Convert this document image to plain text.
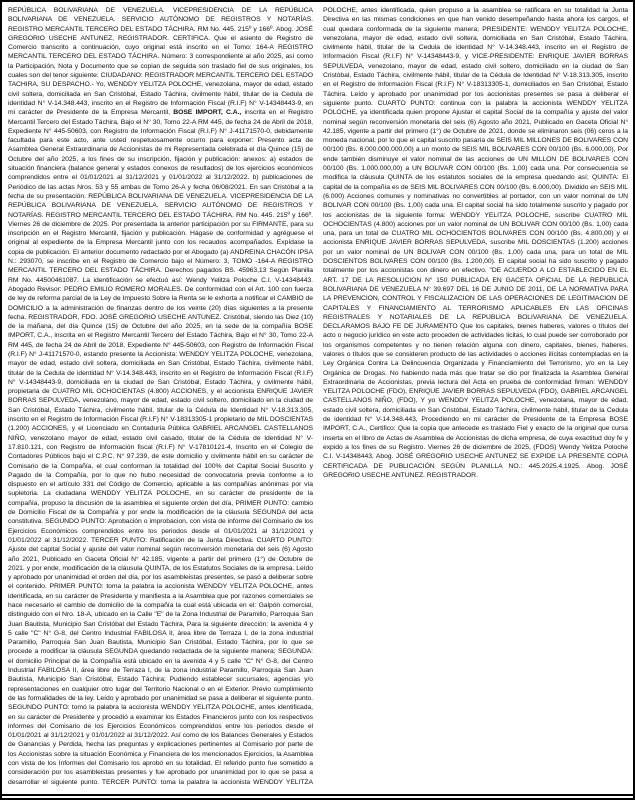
REPÚBLICA BOLIVARIANA DE VENEZUELA. VICEPRESIDENCIA DE LA REPÚBLICA BOLIVARIANA DE VENEZUELA. SERVICIO AUTÓNOMO DE REGISTROS Y NOTARÍAS. REGISTRO MERCANTIL TERCERO DEL ESTADO TÁCHIRA. RM No. 445. 215º y 166º. Abog. JOSÉ GREGORIO USECHE ANTUNEZ, REGISTRADOR. CERTIFICA. Que el asiento de Registro de Comercio transcrito a continuación, cuyo original está inscrito en el Tomo: 164-A REGISTRO MERCANTIL TERCERO DEL ESTADO TÁCHIRA. Número: 3 correspondiente al año 2025, así como la Participación, Nota y Documento que se copian de seguida son traslado fiel de sus originales, los cuales son del tenor siguiente: CIUDADANO: REGISTRADOR MERCANTIL TERCERO DEL ESTADO TACHIRA, SU DESPACHO.- Yo, WENDDY YELITZA POLOCHE, venezolana, mayor de edad, estado civil soltera, domiciliada en San Cristóbal, Estado Táchira, civilmente hábil, titular de la Cedula de identidad N° V-14.348.443, inscrito en el Registro de Información Fiscal (R.I.F) N° V-14348443-9, en mi carácter de Presidente de la Empresa Mercantil, BOSE IMPORT, C.A., inscrita en el Registro Mercantil Tercero del Estado Táchira, Bajo el N° 30, Tomo 22-A RM 445, de fecha 24 de Abril de 2018, Expediente N° 445-50603, con Registro de Información Fiscal (R.I.F) N° J-41171570-0, debidamente facultada para este acto, ante usted respetuosamente ocurro para exponer: Presento acta de Asamblea General Extraordinaria de Accionistas de mi Representada celebrada el día Quince (15) de Octubre del año 2025, a los fines de su inscripción, fijación y publicación: anexos: a) estados de situación financiera (balance general y estados conexos de resultados) de los ejercicios económicos comprendidos entre el 01/01/2021 al 31/12/2021 y 01/01/2022 al 31/12/2022. b) publicaciones de Periódico de las actas Nros. 53 y 55 ambas de Tomo 26-A y fecha 06/08/2021. En san Cristóbal a la fecha de su presentación. REPÚBLICA BOLIVARIANA DE VENEZUELA. VICEPRESIDENCIA DE LA REPÚBLICA BOLIVARIANA DE VENEZUELA. SERVICIO AUTÓNOMO DE REGISTROS Y NOTARÍAS. REGISTRO MERCANTIL TERCERO DEL ESTADO TÁCHIRA. RM No. 445. 215º y 166º. Viernes 26 de diciembre de 2025. Por presentada la anterior participación por su FIRMANTE, para su inscripción en el Registro Mercantil, fijación y publicación. Hágase de conformidad y agréguese el original al expediente de la Empresa Mercantil junto con los recaudos acompañados. Expídase la copia de publicación. El anterior documento redactado por el Abogado (a) ANDREINA CHACÓN IPSA N.: 293070, se inscribe en el Registro de Comercio bajo el Número: 3, TOMO -164-A REGISTRO MERCANTIL TERCERO DEL ESTADO TÁCHIRA. Derechos pagados BS. 45963,13 Según Planilla RM No. 44500461087. La identificación se efectuó así: Wendy Yelitza Poloche C.I. V-14348443. Abogado Revisor: PEDRO EMILIO ROMERO MORALES. De conformidad con el Art. 100 con fuerza de ley de reforma parcial de la Ley de Impuesto Sobre la Renta se le exhorta a notificar el CAMBIO de DOMICILIO a la administración de finanzas dentro de los veinte (20) días siguientes a la presente fecha. REGISTRADOR, FDO. JOSÉ GREGORIO USECHE ANTUNEZ. Cristóbal, siendo las Diez (10) de la mañana, del día Quince (15) de Octubre del año 2025, en la sede de la compañía BOSE IMPORT, C.A., inscrita en el Registro Mercantil Tercero del Estado Táchira, Bajo el N° 30, Tomo 22-A RM 445, de fecha 24 de Abril de 2018, Expediente N° 445-50603, con Registro de Información Fiscal (R.I.F) N° J-41171570-0, estando presente la Accionista: WENDDY YELITZA POLOCHE, venezolana, mayor de edad, estado civil soltera, domiciliada en San Cristóbal, Estado Táchira, civilmente hábil, titular de la Cedula de identidad N° V-14.348.443, inscrito en el Registro de Información Fiscal (R.I.F) N° V-14348443-9, domiciliada en la ciudad de San Cristóbal, Estado Táchira, y civilmente hábil, propietaria de CUATRO MIL OCHOCIENTAS (4.800) ACCIONES, y el accionista ENRIQUE JAVIER BORRAS SEPULVEDA, venezolano, mayor de edad, estado civil soltero, domiciliado en la ciudad de San Cristóbal, Estado Táchira, civilmente hábil, titular de la Cédula de Identidad N° V-18.313.305, inscrito en el Registro de Información Fiscal (R.I.F) N° V-18313305-1 propietario de MIL DOSCIENTAS (1.200) ACCIONES, y el Licenciado en Contaduría Pública GABRIEL ARCANGEL CASTELLANOS NIÑO, venezolano mayor de edad, estado civil casado, titular de la Cédula de Identidad N° V-17.810.121, con Registro de Información fiscal (R.I.F) N° V-17810121-4, Inscrito en el Colegio de Contadores Públicos bajo el C.P.C. N° 97.239, de este domicilio y civilmente hábil en su carácter de Comisario de la Compañía, el cual conforman la totalidad del 100% del Capital Social Suscrito y Pagado de la Compañía, por lo que no hubo necesidad de convocatoria previa conforme a lo dispuesto en el artículo 331 del Código de Comercio, aplicable a las compañías anónimas por vía supletoria. La ciudadana WENDDY YELITZA POLOCHE, en su carácter de presidente de la compañía, propuso la discusión de la asamblea el siguiente orden del día, PRIMER PUNTO: cambio de Domicilio Fiscal de la Compañía y por ende la modificación de la cláusula SEGUNDA del acta constitutiva. SEGUNDO PUNTO: Aprobación o improbacion, con vista de informe del Comisario de los Ejercicios Económicos comprendidos entre los periodos desde el 01/01/2021 al 31/12/2021 y 01/01/2022 al 31/12/2022. TERCER PUNTO: Ratificación de la Junta Directiva. CUARTO PUNTO: Ajuste del capital Social y ajuste del valor nominal según reconversión monetaria del seis (6) Agosto año 2021, Publicado en Gaceta Oficial N° 42.185, vigente a partir del primero (1°) de Octubre de 2021. y por ende, modificación de la cláusula QUINTA, de los Estatutos Sociales de la empresa. Leído y aprobado por unanimidad el orden del día, por los asambleistas presentes, se pasó a deliberar sobre el contenido. PRIMER PUNTO: toma la palabra la accionista WENDDY YELITZA POLOCHE, antes identificada, en su carácter de Presidente y manifiesta a la Asamblea que por razones comerciales se hace necesario el cambio de domicilio de la compañía la cual está ubicada en el: Galpón comercial, distinguido con el Nro. 18-A, ubicado en la Calle "E" de la Zona Industrial de Paramillo, Parroquia San Juan Bautista, Municipio San Cristóbal del Estado Táchira, Para la siguiente dirección: la avenida 4 y 5 calle "C" N° G-8, del Centro Industrial FABILOSA II, área libre de Terraza I, de la zona industrial Paramillo, Parroquia San Juan Bautista, Municipio San Cristóbal, Estado Táchira, por lo que se procede a modificar la cláusula SEGUNDA quedando redactada de la siguiente manera; SEGUNDA: el domicilio Principal de la Compañía está ubicado en la avenida 4 y 5 calle "C" N° G-8, del Centro Industrial FABILOSA II, área libre de Terraza I, de la zona industrial Paramillo, Parroquia San Juan Bautista, Municipio San Cristóbal, Estado Táchira; Pudiendo establecer sucursales, agencias y/o representaciones en cualquier otro lugar del Territorio Nacional o en el Exterior. Previo cumplimiento de las formalidades de la ley. Leído y aprobado por unanimidad se pasa a deliberar el siguiente punto. SEGUNDO PUNTO: tomó la palabra la accionista WENDDY YELITZA POLOCHE, antes identificada, en su carácter de Presidente y procedió a examinar los Estados Financieros junto con los respectivos informes del Comisario de los Ejercicios Económicos comprendidos entre los periodos desde el 01/01/2021 al 31/12/2021 y 01/01/2022 al 31/12/2022. Así como de los Balances Generales y Estados de Ganancias y Perdida, hecha las preguntas y explicaciones pertinentes al Comisario por parte de los Accionistas sobre la situación Económica y Financiera de los mencionados Ejercicios, la Asamblea con vista de los Informes del Comisario los aprobó en su totalidad. El referido punto fue sometido a consideración por los asambleistas presentes y fue aprobado por unanimidad por lo que se pasa a desarrollar el siguiente punto. TERCER PUNTO: toma la palabra la accionista WENDDY YELITZA POLOCHE, antes identificada, quien propuso a la asamblea se ratificara en su totalidad la Junta Directiva en las mismas condiciones en que han venido desempeñando hasta ahora los cargos, el cual quedara conformada de la siguiente manera; PRESIDENTE: WENDDY YELITZA POLOCHE, venezolana, mayor de edad, estado civil soltera, domiciliada en San Cristóbal, Estado Táchira, civilmente hábil, titular de la Cedula de identidad N° V-14.348.443, inscrito en el Registro de Información Fiscal (R.I.F) N° V-14348443-9, y VICE-PRESIDENTE: ENRIQUE JAVIER BORRAS SEPULVEDA, venezolano, mayor de edad, estado civil soltero, domiciliado en la ciudad de San Cristóbal, Estado Táchira, civilmente hábil, titular de la Cédula de Identidad N° V-18.313.305, inscrito en el Registro de Información Fiscal (R.I.F) N° V-18313305-1, domiciliados en San Cristóbal, Estado Táchira. Leído y aprobado por unanimidad por los accionistas presentes se pasa a deliberar el siguiente punto. CUARTO PUNTO: continua con la palabra la accionista WENDDY YELITZA POLOCHE, ya identificada quien propone Ajustar el capital Social de la compañía y ajuste del valor nominal según reconversión monetaria del seis (6) Agosto año 2021, Publicado en Gaceta Oficial N° 42.185, vigente a partir del primero (1°) de Octubre de 2021, donde se eliminaron seis (06) ceros a la moneda nacional, por lo que el capital suscrito pasaría de SEIS MIL MILLONES DE BOLIVARES CON 00/100 (Bs. 6.000.000.000,00) a un monto de SEIS MIL BOLIVARES CON 00/100 (Bs. 6.000,00), Por ende también disminuye el valor nominal de las acciones de UN MILLON DE BOLIVARES CON 00/100 (Bs. 1.000.000,00) a UN BOLIVAR CON 00/100 (Bs. 1,00) cada una. Por consecuencia se modifica la cláusula QUINTA de los estatutos sociales de la empresa quedando así; QUINTA: El capital de la compañía es de SEIS MIL BOLIVARES CON 00/100 (Bs. 6.000,00). Dividido en SEIS MIL (6.000) Acciones comunes y nominativas no convertibles al portador, con un valor nominal de UN BOLIVAR CON 00/100 (Bs. 1,00) cada una. El capital social ha sido totalmente suscrito y pagado por los accionistas de la siguiente forma: WENDDY YELITZA POLOCHE, suscribe CUATRO MIL OCHOCIENTAS (4.800) acciones por un valor nominal de UN BOLIVAR CON 00/100 (Bs. 1,00) cada una, para un total de CUATRO MIL OCHOCIENTOS BOLIVARES CON 00/100 (Bs. 4.800,00) y el accionista ENRIQUE JAVIER BORRAS SEPULVEDA, suscribe MIL DOSCIENTAS (1.200) acciones por un valor nominal de UN BOLIVAR CON 00/100 (Bs. 1,00) cada una, para un total de MIL DOSCIENTOS BOLIVARES CON 00/100 (Bs. 1.200,00). El capital social ha sido suscrito y pagado totalmente por los accionistas con dinero en efectivo. "DE ACUERDO A LO ESTABLECIDO EN EL ART. 17 DE LA RESOLUCION N° 150 PUBLICADA EN GACETA OFICIAL DE LA REPUBLICA BOLIVARIANA DE VENEZUELA N° 39.697 DEL 16 DE JUNIO DE 2011, DE LA NORMATIVA PARA LA PREVENCION, CONTROL Y FISCALIZACION DE LAS OPERACIONES DE LEGITIMACION DE CAPITALES Y FINANCIAMIENTO AL TERRORISMO APLICABLES EN LAS OFICINAS REGISTRALES Y NOTARIALES DE LA REPUBLICA BOLIVARIANA DE VENEZUELA. DECLARAMOS BAJO FE DE JURAMENTO Que los capitales, bienes haberes, valores o títulos del acto o negocio jurídico en este acto proceden de actividades licitas, lo cual puede ser corroborado por los organismos competentes y no tienen relación alguna con dinero, capitales, bienes, haberes, valores o títulos que se consideren producto de las actividades o acciones ilícitas contempladas en la Ley Orgánica Contra La Delincuencia Organizada y Financiamiento del Terrorismo, y/o en la Ley Orgánica de Drogas. No habiendo nada más que tratar se dio por finalizada la Asamblea General Extraordinaria de Accionistas, previa lectura del Acta en prueba de conformidad firman: WENDDY YELITZA POLOCHE (FDO), ENRIQUE JAVIER BORRAS SEPULVEDA (FDO), GABRIEL ARCANGEL CASTELLANOS NIÑO, (FDO), Y yo WENDDY YELITZA POLOCHE, venezolana, mayor de edad, estado civil soltera, domiciliada en San Cristóbal, Estado Táchira, civilmente hábil, titular de la Cedula de identidad N° V-14.348.443, Procediendo en mi carácter de Presidente de la Empresa BOSE IMPORT, C.A., Certifico: Que la copia que antecede es traslado Fiel y exacto de la original que cursa inserta en el libro de Actas de Asamblea de Accionistas de dicha empresa, de cuya exactitud doy fe y expido a los fines de su Registro. Viernes 26 de diciembre de 2025, (FDOS) Wendy Yelitza Poloche C.I. V-14348443, Abog. JOSÉ GREGORIO USECHE ANTUNEZ SE EXPIDE LA PRESENTE COPIA CERTIFICADA DE PUBLICACIÓN SEGÚN PLANILLA NO.: 445.2025.4.1925. Abog. JOSÉ GREGORIO USECHE ANTUNEZ. REGISTRADOR.
